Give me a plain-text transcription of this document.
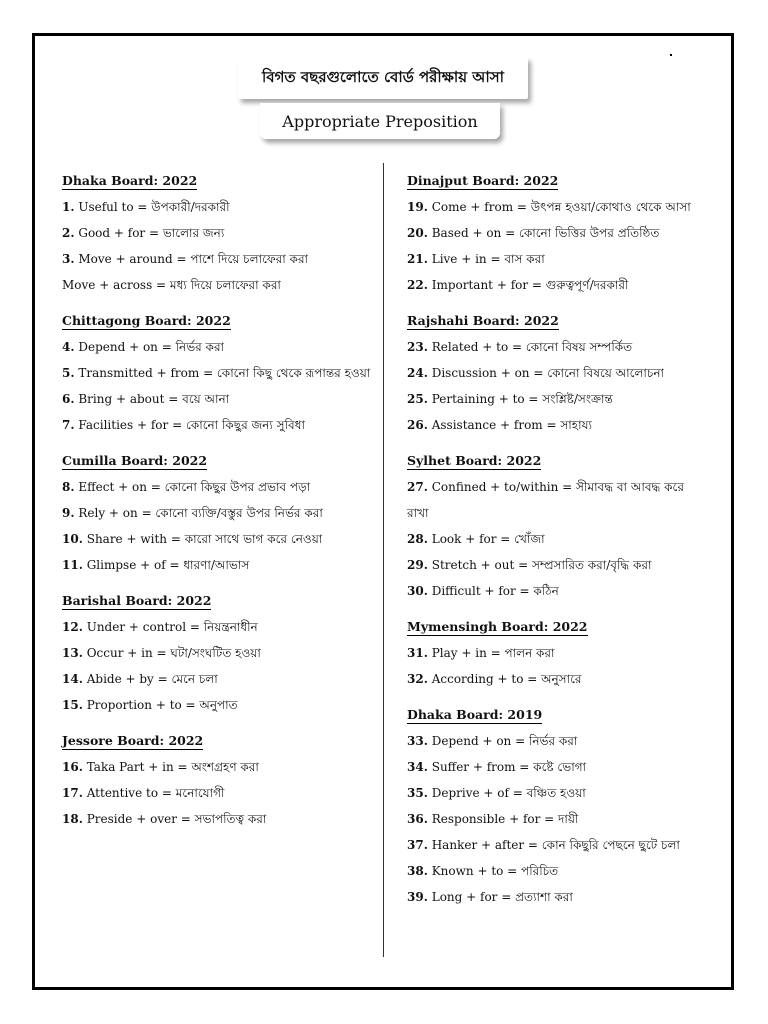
বিগত বছরগুলোতে বোর্ড পরীক্ষায় আসা
Appropriate Preposition
Dhaka Board: 2022
1. Useful to = উপকারী/দরকারী
2. Good + for = ভালোর জন্য
3. Move + around = পাশে দিয়ে চলাফেরা করা
Move + across = মধ্য দিয়ে চলাফেরা করা
Chittagong Board: 2022
4. Depend + on = নির্ভর করা
5. Transmitted + from = কোনো কিছু থেকে রূপান্তর হওয়া
6. Bring + about = বয়ে আনা
7. Facilities + for = কোনো কিছুর জন্য সুবিধা
Cumilla Board: 2022
8. Effect + on = কোনো কিছুর উপর প্রভাব পড়া
9. Rely + on = কোনো ব্যক্তি/বস্তুর উপর নির্ভর করা
10. Share + with = কারো সাথে ভাগ করে নেওয়া
11. Glimpse + of = ধারণা/আভাস
Barishal Board: 2022
12. Under + control = নিয়ন্ত্রনাধীন
13. Occur + in = ঘটা/সংঘটিত হওয়া
14. Abide + by = মেনে চলা
15. Proportion + to = অনুপাত
Jessore Board: 2022
16. Taka Part + in = অংশগ্রহণ করা
17. Attentive to = মনোযোগী
18. Preside + over = সভাপতিত্ব করা
Dinajput Board: 2022
19. Come + from = উৎপন্ন হওয়া/কোথাও থেকে আসা
20. Based + on = কোনো ভিত্তির উপর প্রতিষ্ঠিত
21. Live + in = বাস করা
22. Important + for = গুরুত্বপূর্ণ/দরকারী
Rajshahi Board: 2022
23. Related + to = কোনো বিষয় সম্পর্কিত
24. Discussion + on = কোনো বিষয়ে আলোচনা
25. Pertaining + to = সংশ্লিষ্ট/সংক্রান্ত
26. Assistance + from = সাহায্য
Sylhet Board: 2022
27. Confined + to/within = সীমাবদ্ধ বা আবদ্ধ করে রাখা
28. Look + for = খোঁজা
29. Stretch + out = সম্প্রসারিত করা/বৃদ্ধি করা
30. Difficult + for = কঠিন
Mymensingh Board: 2022
31. Play + in = পালন করা
32. According + to = অনুসারে
Dhaka Board: 2019
33. Depend + on = নির্ভর করা
34. Suffer + from = কষ্টে ভোগা
35. Deprive + of = বঞ্চিত হওয়া
36. Responsible + for = দায়ী
37. Hanker + after = কোন কিছুরি পেছনে ছুটে চলা
38. Known + to = পরিচিত
39. Long + for = প্রত্যাশা করা
